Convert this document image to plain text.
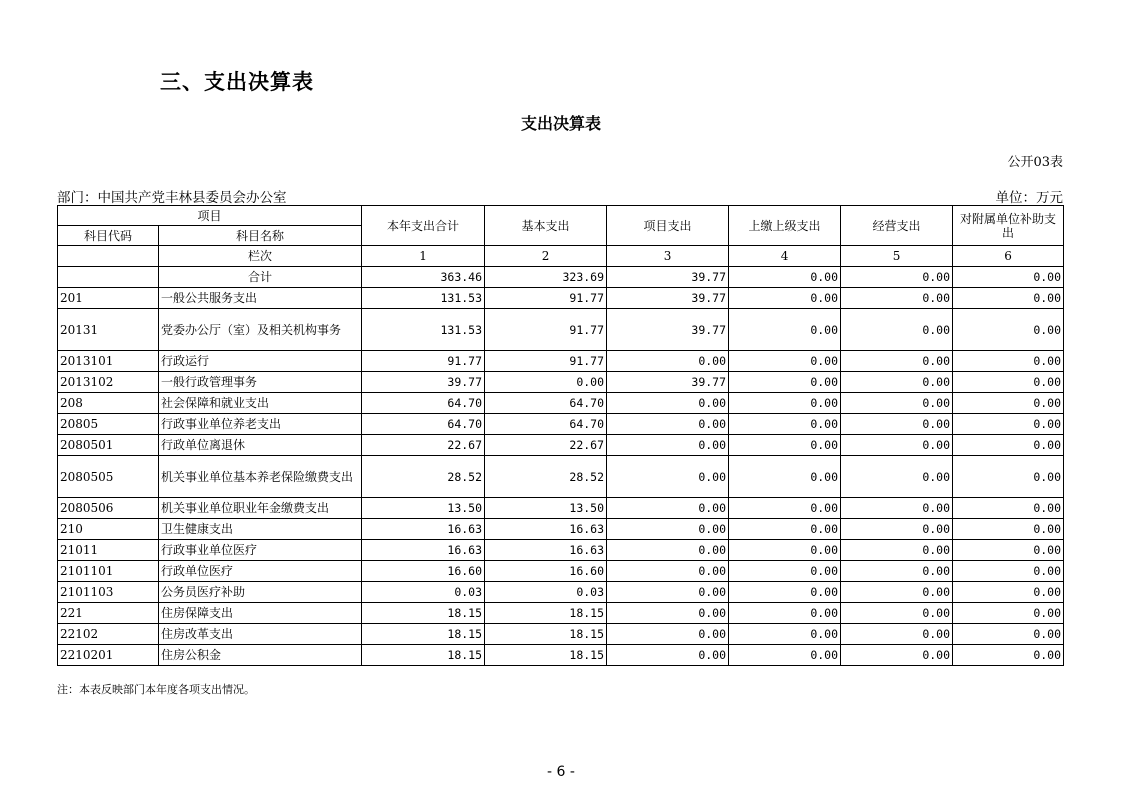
三、支出决算表
支出决算表
公开03表
部门：中国共产党丰林县委员会办公室	单位：万元
项目		本年支出合计	基本支出	项目支出	上缴上级支出	经营支出	对附属单位补助支出
科目代码	科目名称						
	栏次	1	2	3	4	5	6
	合计	363.46	323.69	39.77	0.00	0.00	0.00
201	一般公共服务支出	131.53	91.77	39.77	0.00	0.00	0.00
20131	党委办公厅（室）及相关机构事务	131.53	91.77	39.77	0.00	0.00	0.00
2013101	行政运行	91.77	91.77	0.00	0.00	0.00	0.00
2013102	一般行政管理事务	39.77	0.00	39.77	0.00	0.00	0.00
208	社会保障和就业支出	64.70	64.70	0.00	0.00	0.00	0.00
20805	行政事业单位养老支出	64.70	64.70	0.00	0.00	0.00	0.00
2080501	行政单位离退休	22.67	22.67	0.00	0.00	0.00	0.00
2080505	机关事业单位基本养老保险缴费支出	28.52	28.52	0.00	0.00	0.00	0.00
2080506	机关事业单位职业年金缴费支出	13.50	13.50	0.00	0.00	0.00	0.00
210	卫生健康支出	16.63	16.63	0.00	0.00	0.00	0.00
21011	行政事业单位医疗	16.63	16.63	0.00	0.00	0.00	0.00
2101101	行政单位医疗	16.60	16.60	0.00	0.00	0.00	0.00
2101103	公务员医疗补助	0.03	0.03	0.00	0.00	0.00	0.00
221	住房保障支出	18.15	18.15	0.00	0.00	0.00	0.00
22102	住房改革支出	18.15	18.15	0.00	0.00	0.00	0.00
2210201	住房公积金	18.15	18.15	0.00	0.00	0.00	0.00
注：本表反映部门本年度各项支出情况。
- 6 -
